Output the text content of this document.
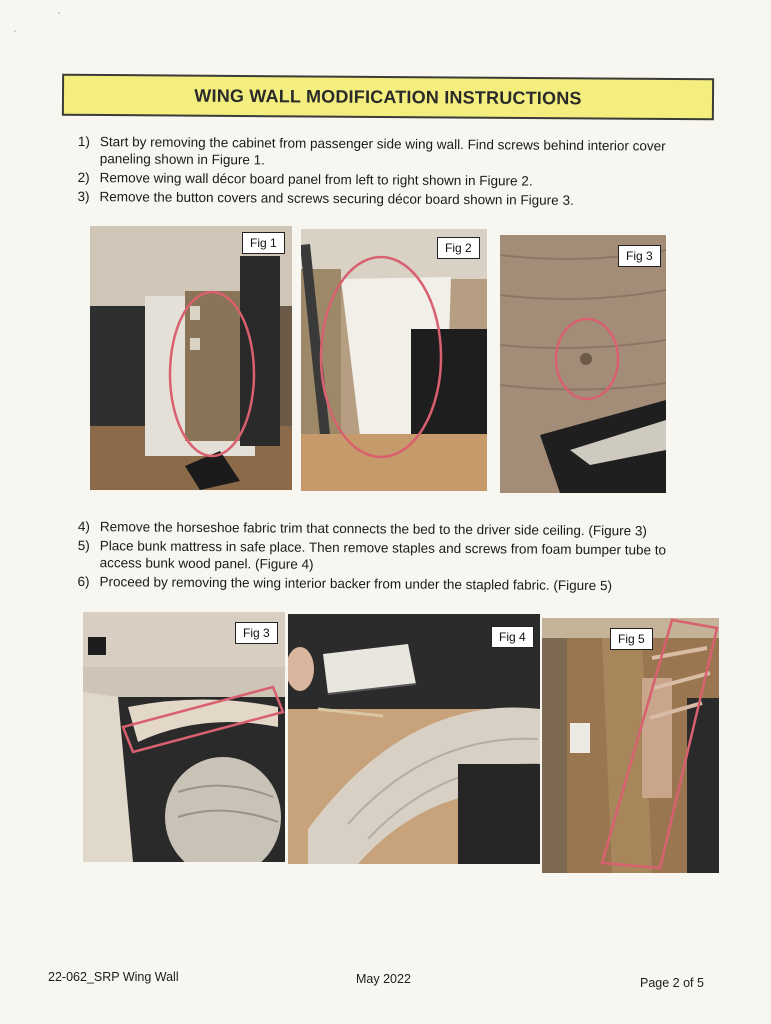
WING WALL MODIFICATION INSTRUCTIONS
1) Start by removing the cabinet from passenger side wing wall. Find screws behind interior cover paneling shown in Figure 1.
2) Remove wing wall décor board panel from left to right shown in Figure 2.
3) Remove the button covers and screws securing décor board shown in Figure 3.
Fig 1	Fig 2
Fig 3
4) Remove the horseshoe fabric trim that connects the bed to the driver side ceiling. (Figure 3)
5) Place bunk mattress in safe place. Then remove staples and screws from foam bumper tube to access bunk wood panel. (Figure 4)
6) Proceed by removing the wing interior backer from under the stapled fabric. (Figure 5)
Fig 3	Fig 4	Fig 5
22-062_SRP Wing Wall	May 2022	Page 2 of 5
